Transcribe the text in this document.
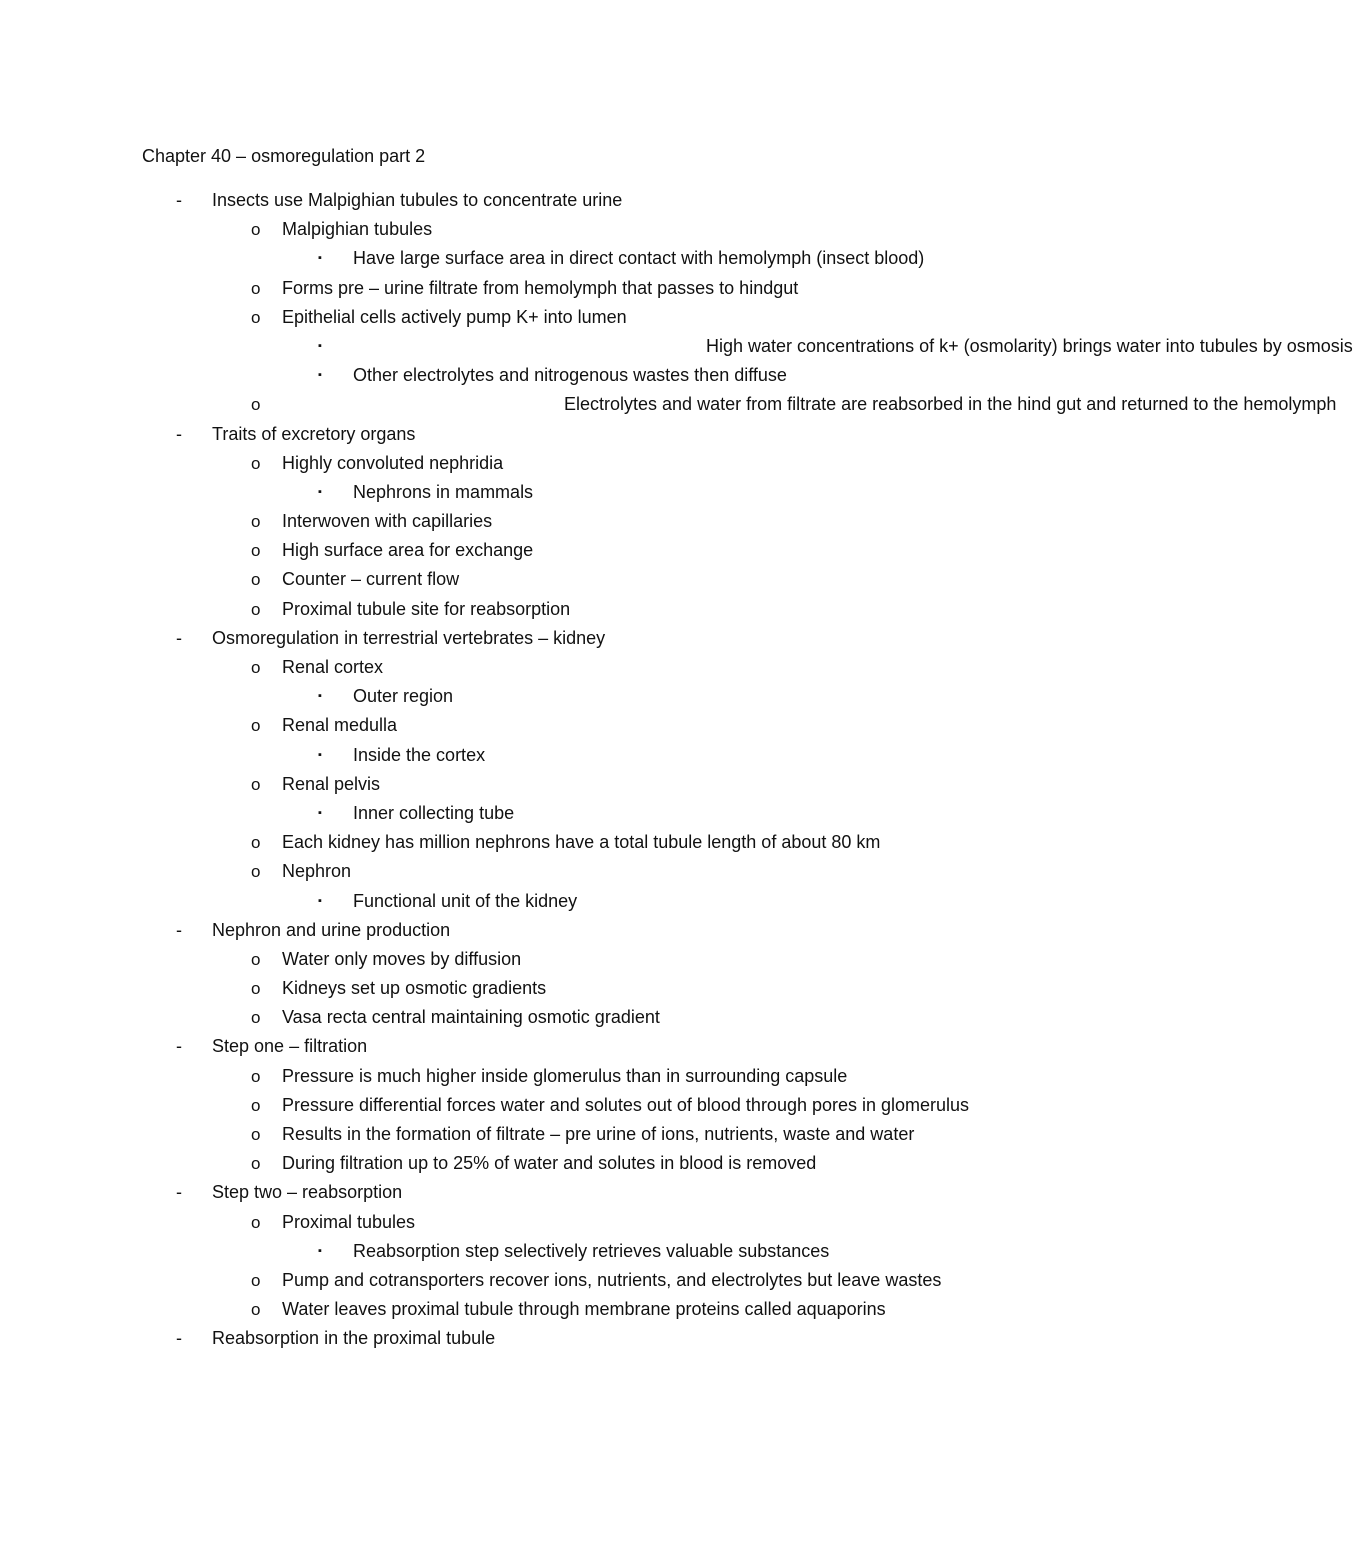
Chapter 40 – osmoregulation part 2
-	Insects use Malpighian tubules to concentrate urine
o	Malpighian tubules
▪	Have large surface area in direct contact with hemolymph (insect blood)
o	Forms pre – urine filtrate from hemolymph that passes to hindgut
o	Epithelial cells actively pump K+ into lumen
▪	High water concentrations of k+ (osmolarity) brings water into tubules by osmosis
▪	Other electrolytes and nitrogenous wastes then diffuse
o	Electrolytes and water from filtrate are reabsorbed in the hind gut and returned to the hemolymph
-	Traits of excretory organs
o	Highly convoluted nephridia
▪	Nephrons in mammals
o	Interwoven with capillaries
o	High surface area for exchange
o	Counter – current flow
o	Proximal tubule site for reabsorption
-	Osmoregulation in terrestrial vertebrates – kidney
o	Renal cortex
▪	Outer region
o	Renal medulla
▪	Inside the cortex
o	Renal pelvis
▪	Inner collecting tube
o	Each kidney has million nephrons have a total tubule length of about 80 km
o	Nephron
▪	Functional unit of the kidney
-	Nephron and urine production
o	Water only moves by diffusion
o	Kidneys set up osmotic gradients
o	Vasa recta central maintaining osmotic gradient
-	Step one – filtration
o	Pressure is much higher inside glomerulus than in surrounding capsule
o	Pressure differential forces water and solutes out of blood through pores in glomerulus
o	Results in the formation of filtrate – pre urine of ions, nutrients, waste and water
o	During filtration up to 25% of water and solutes in blood is removed
-	Step two – reabsorption
o	Proximal tubules
▪	Reabsorption step selectively retrieves valuable substances
o	Pump and cotransporters recover ions, nutrients, and electrolytes but leave wastes
o	Water leaves proximal tubule through membrane proteins called aquaporins
-	Reabsorption in the proximal tubule
